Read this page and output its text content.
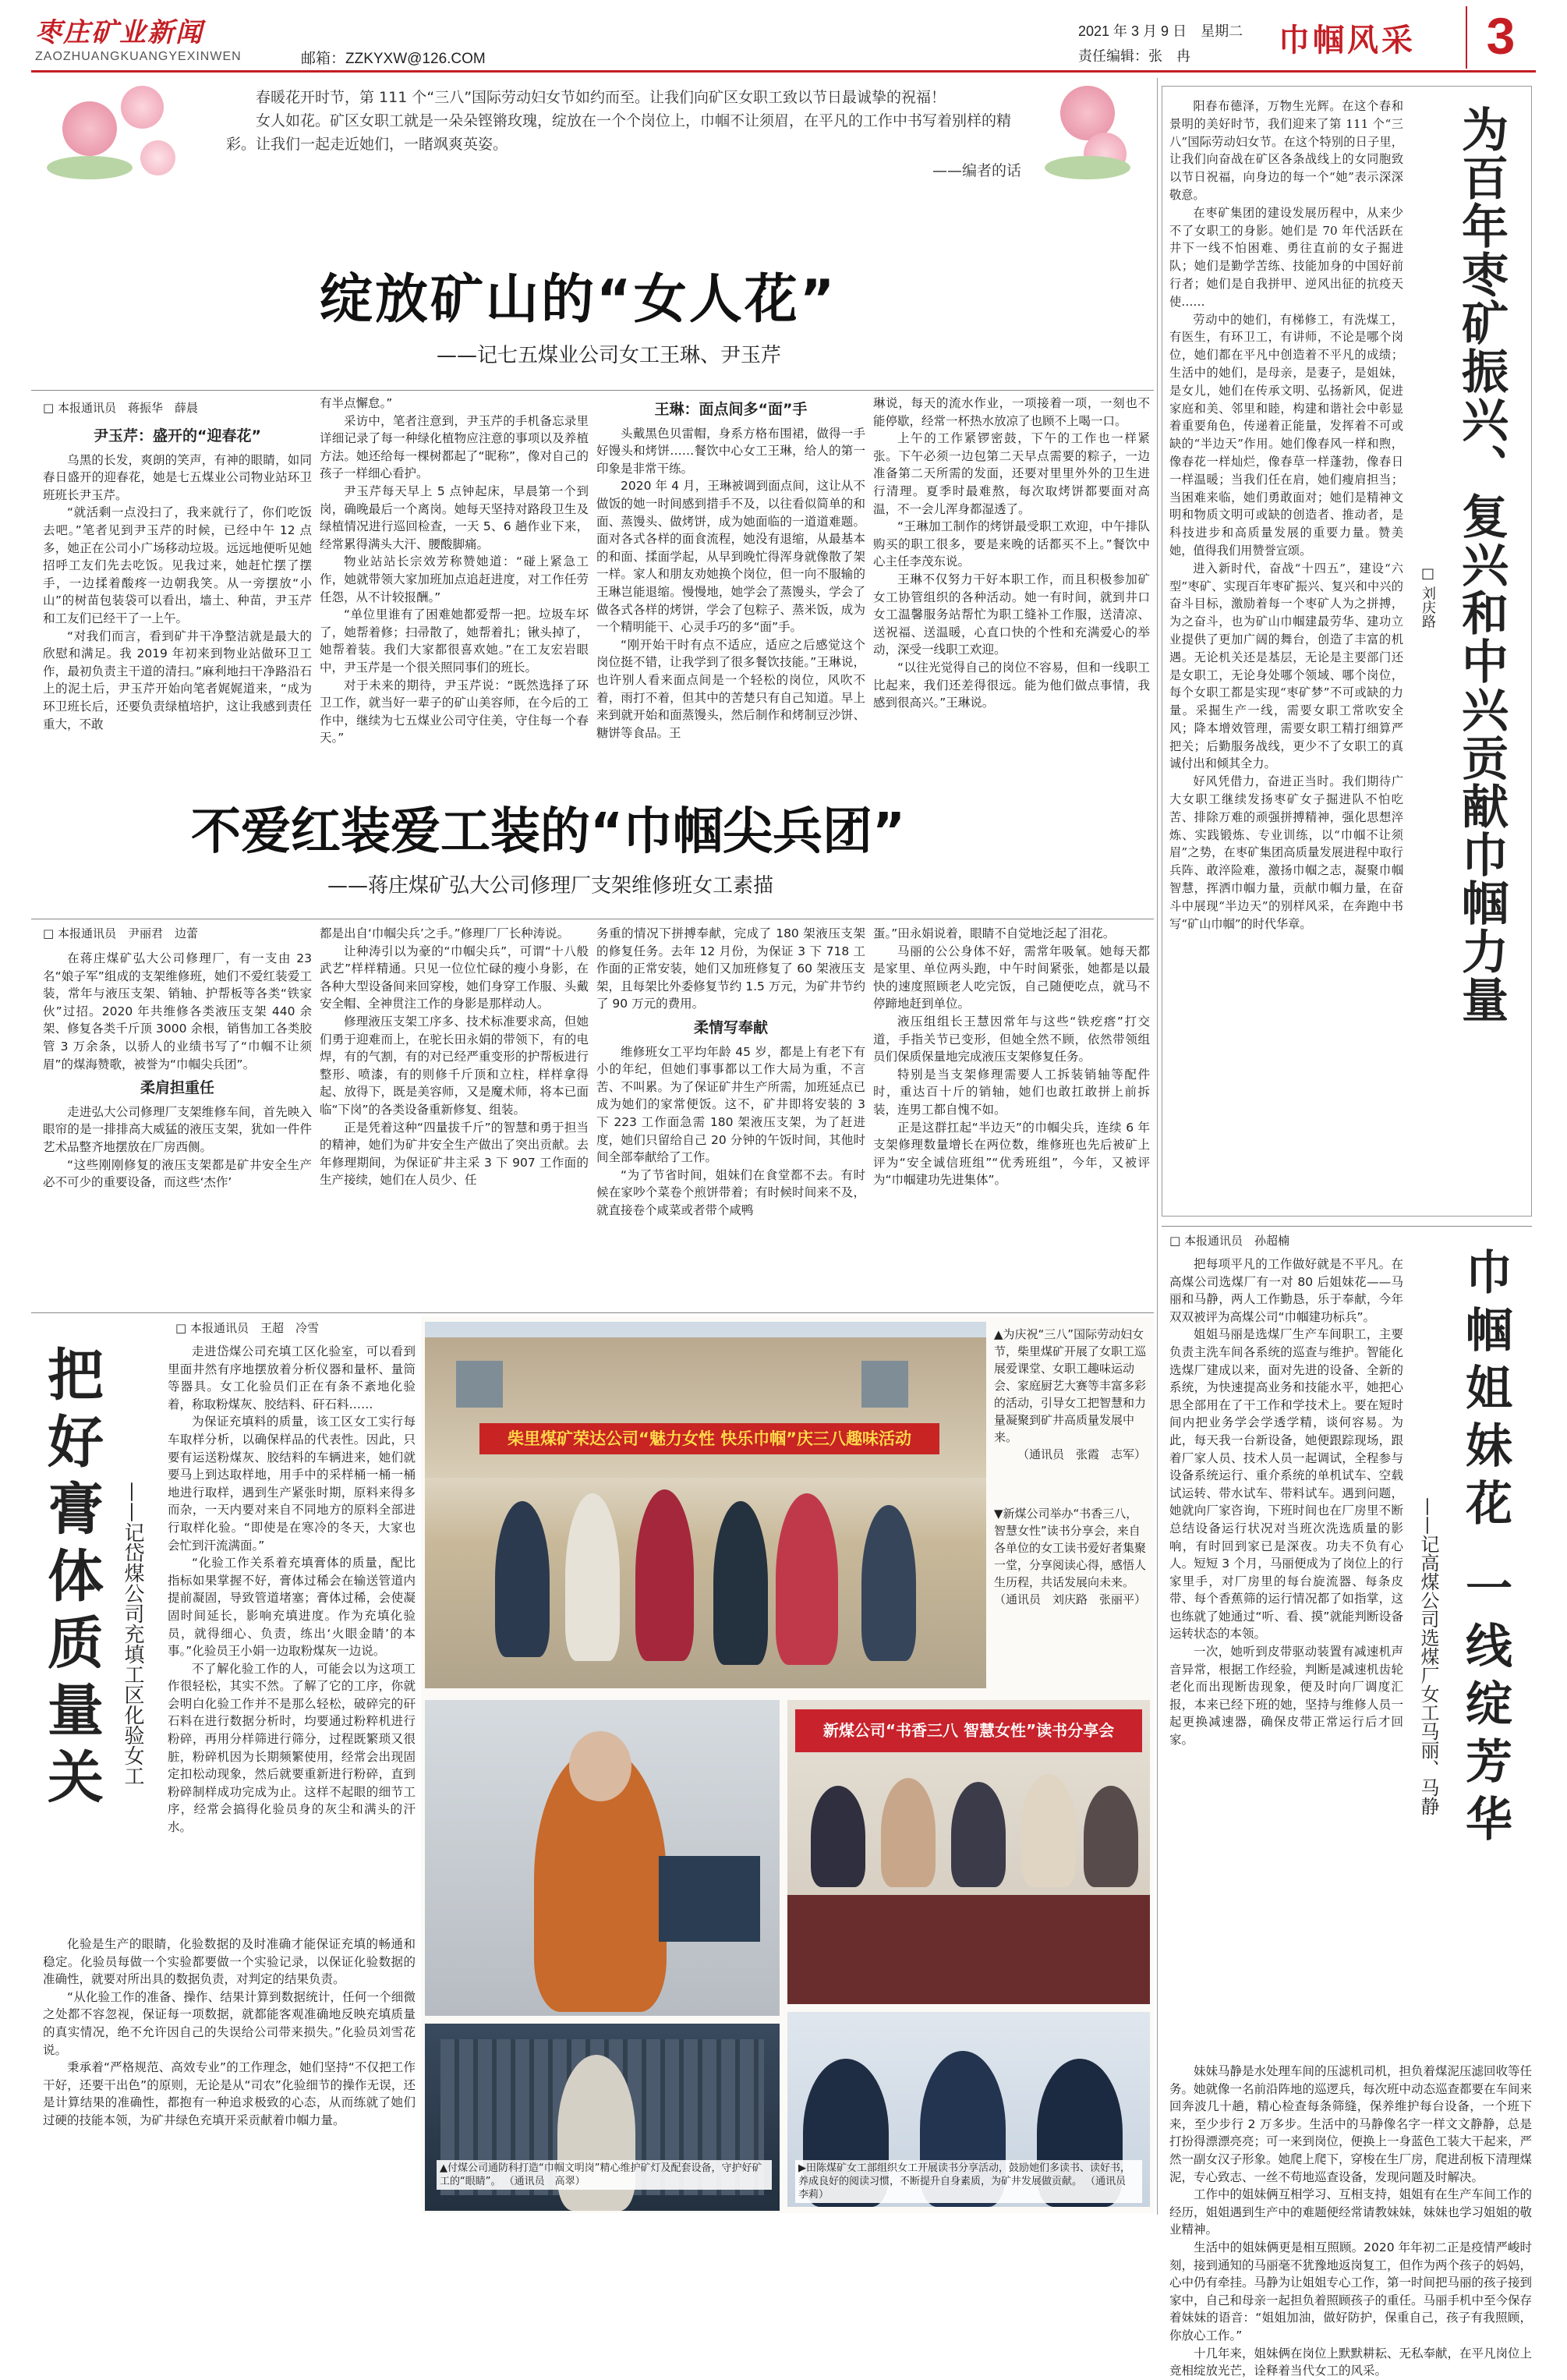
枣庄矿业新闻
ZAOZHUANGKUANGYEXINWEN	邮箱：ZZKYXW@126.COM
2021 年 3 月 9 日　星期二
责任编辑：张　冉	巾帼风采 3

春暖花开时节，第 111 个“三八”国际劳动妇女节如约而至。让我们向矿区女职工致以节日最诚挚的祝福！

女人如花。矿区女职工就是一朵朵铿锵玫瑰，绽放在一个个岗位上，巾帼不让须眉，在平凡的工作中书写着别样的精彩。让我们一起走近她们，一睹飒爽英姿。

——编者的话

绽放矿山的“女人花”
——记七五煤业公司女工王琳、尹玉芹
□ 本报通讯员　蒋振华　薛晨
尹玉芹：盛开的“迎春花”

乌黑的长发，爽朗的笑声，有神的眼睛，如同春日盛开的迎春花，她是七五煤业公司物业站环卫班班长尹玉芹。

“就活剩一点没扫了，我来就行了，你们吃饭去吧。”笔者见到尹玉芹的时候，已经中午 12 点多，她正在公司小广场移动垃圾。远远地便听见她招呼工友们先去吃饭。见我过来，她赶忙摆了摆手，一边揉着酸疼一边朝我笑。从一旁摆放“小山”的树苗包装袋可以看出，墙土、种苗，尹玉芹和工友们已经干了一上午。

“对我们而言，看到矿井干净整洁就是最大的欣慰和满足。我 2019 年初来到物业站做环卫工作，最初负责主干道的清扫。”麻利地扫干净路沿石上的泥土后，尹玉芹开始向笔者娓娓道来，“成为环卫班长后，还要负责绿植培护，这让我感到责任重大，不敢

有半点懈怠。”

采访中，笔者注意到，尹玉芹的手机备忘录里详细记录了每一种绿化植物应注意的事项以及养植方法。她还给每一棵树都起了“昵称”，像对自己的孩子一样细心看护。

尹玉芹每天早上 5 点钟起床，早晨第一个到岗，确晚最后一个离岗。她每天坚持对路段卫生及绿植情况进行巡回检查，一天 5、6 趟作业下来，经常累得满头大汗、腰酸脚痛。

物业站站长宗效芳称赞她道：“碰上紧急工作，她就带领大家加班加点追赶进度，对工作任劳任怨，从不计较报酬。”

“单位里谁有了困难她都爱帮一把。垃圾车坏了，她帮着修；扫帚散了，她帮着扎；锹头掉了，她帮着装。我们大家都很喜欢她。”在工友宏岩眼中，尹玉芹是一个很关照同事们的班长。

对于未来的期待，尹玉芹说：“既然选择了环卫工作，就当好一辈子的矿山美容师，在今后的工作中，继续为七五煤业公司守住美，守住每一个春天。”

王琳：面点间多“面”手

头戴黑色贝雷帽，身系方格布围裙，做得一手好馒头和烤饼……餐饮中心女工王琳，给人的第一印象是非常干练。

2020 年 4 月，王琳被调到面点间，这让从不做饭的她一时间感到措手不及，以往看似简单的和面、蒸馒头、做烤饼，成为她面临的一道道难题。面对各式各样的面食流程，她没有退缩，从最基本的和面、揉面学起，从早到晚忙得浑身就像散了架一样。家人和朋友劝她换个岗位，但一向不服输的王琳岂能退缩。慢慢地，她学会了蒸馒头，学会了做各式各样的烤饼，学会了包粽子、蒸米饭，成为一个精明能干、心灵手巧的多“面”手。

“刚开始干时有点不适应，适应之后感觉这个岗位挺不错，让我学到了很多餐饮技能。”王琳说，也许别人看来面点间是一个轻松的岗位，风吹不着，雨打不着，但其中的苦楚只有自己知道。早上来到就开始和面蒸馒头，然后制作和烤制豆沙饼、糖饼等食品。王

琳说，每天的流水作业，一项接着一项，一刻也不能停歇，经常一杯热水放凉了也顾不上喝一口。

上午的工作紧锣密鼓，下午的工作也一样紧张。下午必须一边包第二天早点需要的粽子，一边准备第二天所需的发面，还要对里里外外的卫生进行清理。夏季时最难熬，每次取烤饼都要面对高温，不一会儿浑身都湿透了。

“王琳加工制作的烤饼最受职工欢迎，中午排队购买的职工很多，要是来晚的话都买不上。”餐饮中心主任李茂东说。

王琳不仅努力干好本职工作，而且积极参加矿女工协管组织的各种活动。她一有时间，就到井口女工温馨服务站帮忙为职工缝补工作服，送清凉、送祝福、送温暖，心直口快的个性和充满爱心的举动，深受一线职工欢迎。

“以往光觉得自己的岗位不容易，但和一线职工比起来，我们还差得很远。能为他们做点事情，我感到很高兴。”王琳说。

不爱红装爱工装的“巾帼尖兵团”
——蒋庄煤矿弘大公司修理厂支架维修班女工素描
□ 本报通讯员　尹丽君　边蕾

在蒋庄煤矿弘大公司修理厂，有一支由 23 名“娘子军”组成的支架维修班，她们不爱红装爱工装，常年与液压支架、销轴、护帮板等各类“铁家伙”过招。2020 年共维修各类液压支架 440 余架、修复各类千斤顶 3000 余根，销售加工各类胶管 3 万余条，以骄人的业绩书写了“巾帼不让须眉”的煤海赞歌，被誉为“巾帼尖兵团”。

柔肩担重任

走进弘大公司修理厂支架维修车间，首先映入眼帘的是一排排高大威猛的液压支架，犹如一件件艺术品整齐地摆放在厂房西侧。

“这些刚刚修复的液压支架都是矿井安全生产必不可少的重要设备，而这些‘杰作’

都是出自‘巾帼尖兵’之手。”修理厂厂长种涛说。

让种涛引以为豪的“巾帼尖兵”，可谓“十八般武艺”样样精通。只见一位位忙碌的瘦小身影，在各种大型设备间来回穿梭，她们身穿工作服、头戴安全帽、全神贯注工作的身影是那样动人。

修理液压支架工序多、技术标准要求高，但她们勇于迎难而上，在驼长田永娟的带领下，有的电焊，有的气割，有的对已经严重变形的护帮板进行整形、喷漆，有的则修千斤顶和立柱，样样拿得起、放得下，既是美容师，又是魔术师，将本已面临“下岗”的各类设备重新修复、组装。

正是凭着这种“四量拔千斤”的智慧和勇于担当的精神，她们为矿井安全生产做出了突出贡献。去年修理期间，为保证矿井主采 3 下 907 工作面的生产接续，她们在人员少、任

务重的情况下拼搏奉献，完成了 180 架液压支架的修复任务。去年 12 月份，为保证 3 下 718 工作面的正常安装，她们又加班修复了 60 架液压支架，且每架比外委修复节约 1.5 万元，为矿井节约了 90 万元的费用。

柔情写奉献

维修班女工平均年龄 45 岁，都是上有老下有小的年纪，但她们事事都以工作大局为重，不言苦、不叫累。为了保证矿井生产所需，加班延点已成为她们的家常便饭。这不，矿井即将安装的 3 下 223 工作面急需 180 架液压支架，为了赶进度，她们只留给自己 20 分钟的午饭时间，其他时间全部奉献给了工作。

“为了节省时间，姐妹们在食堂都不去。有时候在家吵个菜卷个煎饼带着；有时候时间来不及，就直接卷个咸菜或者带个咸鸭

蛋。”田永娟说着，眼睛不自觉地泛起了泪花。

马丽的公公身体不好，需常年吸氧。她每天都是家里、单位两头跑，中午时间紧张，她都是以最快的速度照顾老人吃完饭，自己随便吃点，就马不停蹄地赶到单位。

液压组组长王慧因常年与这些“铁疙瘩”打交道，手指关节已变形，但她全然不顾，依然带领组员们保质保量地完成液压支架修复任务。

特别是当支架修理需要人工拆装销轴等配件时，重达百十斤的销轴，她们也敢扛敢拼上前拆装，连男工都自愧不如。

正是这群扛起“半边天”的巾帼尖兵，连续 6 年支架修理数量增长在两位数，维修班也先后被矿上评为“安全诚信班组”“优秀班组”，今年，又被评为“巾帼建功先进集体”。

把好膏体质量关 ——记岱煤公司充填工区化验女工
□ 本报通讯员　王超　冷雪

走进岱煤公司充填工区化验室，可以看到里面井然有序地摆放着分析仪器和量杯、量筒等器具。女工化验员们正在有条不紊地化验着，称取粉煤灰、胶结料、矸石料……

为保证充填料的质量，该工区女工实行每车取样分析，以确保样品的代表性。因此，只要有运送粉煤灰、胶结料的车辆进来，她们就要马上到达取样地，用手中的采样桶一桶一桶地进行取样，遇到生产紧张时期，原料来得多而杂，一天内要对来自不同地方的原料全部进行取样化验。“即使是在寒冷的冬天，大家也会忙到汗流满面。”

“化验工作关系着充填膏体的质量，配比指标如果掌握不好，膏体过稀会在输送管道内提前凝固，导致管道堵塞；膏体过稀，会使凝固时间延长，影响充填进度。作为充填化验员，就得细心、负责，练出‘火眼金睛’的本事。”化验员王小娟一边取粉煤灰一边说。

不了解化验工作的人，可能会以为这项工作很轻松，其实不然。了解了它的工序，你就会明白化验工作并不是那么轻松，破碎完的矸石料在进行数据分析时，均要通过粉粹机进行粉碎，再用分样筛进行筛分，过程既繁琐又很脏，粉碎机因为长期频繁使用，经常会出现固定扣松动现象，然后就要重新进行粉碎，直到粉碎制样成功完成为止。这样不起眼的细节工序，经常会搞得化验员身的灰尘和满头的汗水。

化验是生产的眼睛，化验数据的及时准确才能保证充填的畅通和稳定。化验员每做一个实验都要做一个实验记录，以保证化验数据的准确性，就要对所出具的数据负责，对判定的结果负责。

“从化验工作的准备、操作、结果计算到数据统计，任何一个细微之处都不容忽视，保证每一项数据，就都能客观准确地反映充填质量的真实情况，绝不允许因自己的失误给公司带来损失。”化验员刘雪花说。

秉承着“严格规范、高效专业”的工作理念，她们坚持“不仅把工作干好，还要干出色”的原则，无论是从“司农”化验细节的操作无误，还是计算结果的准确性，都抱有一种追求极致的心态，从而练就了她们过硬的技能本领，为矿井绿色充填开采贡献着巾帼力量。

柴里煤矿荣达公司“魅力女性 快乐巾帼”庆三八趣味活动
▲为庆祝“三八”国际劳动妇女节，柴里煤矿开展了女职工巡展爱课堂、女职工趣味运动会、家庭厨艺大赛等丰富多彩的活动，引导女工把智慧和力量凝聚到矿井高质量发展中来。
（通讯员　张霞　志军）
▼新煤公司举办“书香三八，智慧女性”读书分享会，来自各单位的女工读书爱好者集聚一堂，分享阅读心得，感悟人生历程，共话发展向未来。
（通讯员　刘庆路　张丽平）
新煤公司“书香三八 智慧女性”读书分享会

阳春布德泽，万物生光辉。在这个春和景明的美好时节，我们迎来了第 111 个“三八”国际劳动妇女节。在这个特别的日子里，让我们向奋战在矿区各条战线上的女同胞致以节日祝福，向身边的每一个“她”表示深深敬意。

在枣矿集团的建设发展历程中，从来少不了女职工的身影。她们是 70 年代活跃在井下一线不怕困难、勇往直前的女子掘进队；她们是勤学苦练、技能加身的中国好前行者；她们是自我拼甲、逆风出征的抗疫天使……

劳动中的她们，有梯修工，有洗煤工，有医生，有环卫工，有讲师，不论是哪个岗位，她们都在平凡中创造着不平凡的成绩；生活中的她们，是母亲，是妻子，是姐妹，是女儿，她们在传承文明、弘扬新风，促进家庭和美、邻里和睦，构建和谐社会中彰显着重要角色，传递着正能量，发挥着不可或缺的“半边天”作用。她们像春风一样和煦，像春花一样灿烂，像春草一样蓬勃，像春日一样温暖；当我们任在肩，她们瘦肩担当；当困难来临，她们勇敢面对；她们是精神文明和物质文明可或缺的创造者、推动者，是科技进步和高质量发展的重要力量。赞美她，值得我们用赞誉宣颂。

进入新时代，奋战“十四五”，建设“六型”枣矿、实现百年枣矿振兴、复兴和中兴的奋斗目标，激励着每一个枣矿人为之拼搏，为之奋斗，也为矿山巾帼建最劳华、建功立业提供了更加广阔的舞台，创造了丰富的机遇。无论机关还是基层，无论是主要部门还是女职工，无论身处哪个领域、哪个岗位，每个女职工都是实现“枣矿梦”不可或缺的力量。采掘生产一线，需要女职工常吹安全风；降本增效管理，需要女职工精打细算严把关；后勤服务战线，更少不了女职工的真诚付出和倾其全力。

好风凭借力，奋进正当时。我们期待广大女职工继续发扬枣矿女子掘进队不怕吃苦、排除万难的顽强拼搏精神，强化思想淬炼、实践锻炼、专业训练，以“巾帼不让须眉”之势，在枣矿集团高质量发展进程中取行兵阵、敢淬险难，激扬巾帼之志，凝聚巾帼智慧，挥洒巾帼力量，贡献巾帼力量，在奋斗中展现“半边天”的别样风采，在奔跑中书写“矿山巾帼”的时代华章。	为百年枣矿振兴、复兴和中兴贡献巾帼力量
□ 刘庆路
□ 本报通讯员　孙超楠

把每项平凡的工作做好就是不平凡。在高煤公司选煤厂有一对 80 后姐妹花——马丽和马静，两人工作勤恳，乐于奉献，今年双双被评为高煤公司“巾帼建功标兵”。

姐姐马丽是选煤厂生产车间职工，主要负责主洗车间各系统的巡查与维护。智能化选煤厂建成以来，面对先进的设备、全新的系统，为快速提高业务和技能水平，她把心思全部用在了干工作和学技术上。要在短时间内把业务学会学透学精，谈何容易。为此，每天我一台新设备，她便跟踪现场，跟着厂家人员、技术人员一起调试，全程参与设备系统运行、重介系统的单机试车、空载试运转、带水试车、带料试车。遇到问题，她就向厂家咨询，下班时间也在厂房里不断总结设备运行状况对当班次洗选质量的影响，有时回到家已是深夜。功夫不负有心人。短短 3 个月，马丽便成为了岗位上的行家里手，对厂房里的每台旋流器、每条皮带、每个香蕉筛的运行情况都了如指掌，这也练就了她通过“听、看、摸”就能判断设备运转状态的本领。

一次，她听到皮带驱动装置有减速机声音异常，根据工作经验，判断是减速机齿轮老化而出现断齿现象，便及时向厂调度汇报，本来已经下班的她，坚持与维修人员一起更换减速器，确保皮带正常运行后才回家。

巾帼姐妹花
一线绽芳华
——记高煤公司选煤厂女工马丽、马静

妹妹马静是水处理车间的压滤机司机，担负着煤泥压滤回收等任务。她就像一名前沿阵地的巡逻兵，每次班中动态巡查都要在车间来回奔波几十趟，精心检查每条筛缝，保养维护每台设备，一个班下来，至少步行 2 万多步。生活中的马静像名字一样文文静静，总是打扮得漂漂亮亮；可一来到岗位，便换上一身蓝色工装大干起来，严然一副女汉子形象。她爬上爬下，穿梭在生厂房，爬进刮板下清理煤泥，专心致志、一丝不苟地巡查设备，发现问题及时解决。

工作中的姐妹俩互相学习、互相支持，姐姐有在生产车间工作的经历，姐姐遇到生产中的难题便经常请教妹妹，妹妹也学习姐姐的敬业精神。

生活中的姐妹俩更是相互照顾。2020 年年初二正是疫情严峻时刻，接到通知的马丽毫不犹豫地返岗复工，但作为两个孩子的妈妈，心中仍有牵挂。马静为让姐姐专心工作，第一时间把马丽的孩子接到家中，自己和母亲一起担负着照顾孩子的重任。马丽手机中至今保存着妹妹的语音：“姐姐加油，做好防护，保重自己，孩子有我照顾，你放心工作。”

十几年来，姐妹俩在岗位上默默耕耘、无私奉献，在平凡岗位上竞相绽放光芒，诠释着当代女工的风采。

▲付煤公司通防科打造“巾帼文明岗”精心维护矿灯及配套设备，守护好矿工的“眼睛”。 （通讯员　高翠）
▶田陈煤矿女工部组织女工开展读书分享活动，鼓励她们多读书、读好书，养成良好的阅读习惯，不断提升自身素质，为矿井发展做贡献。 （通讯员　李莉）
